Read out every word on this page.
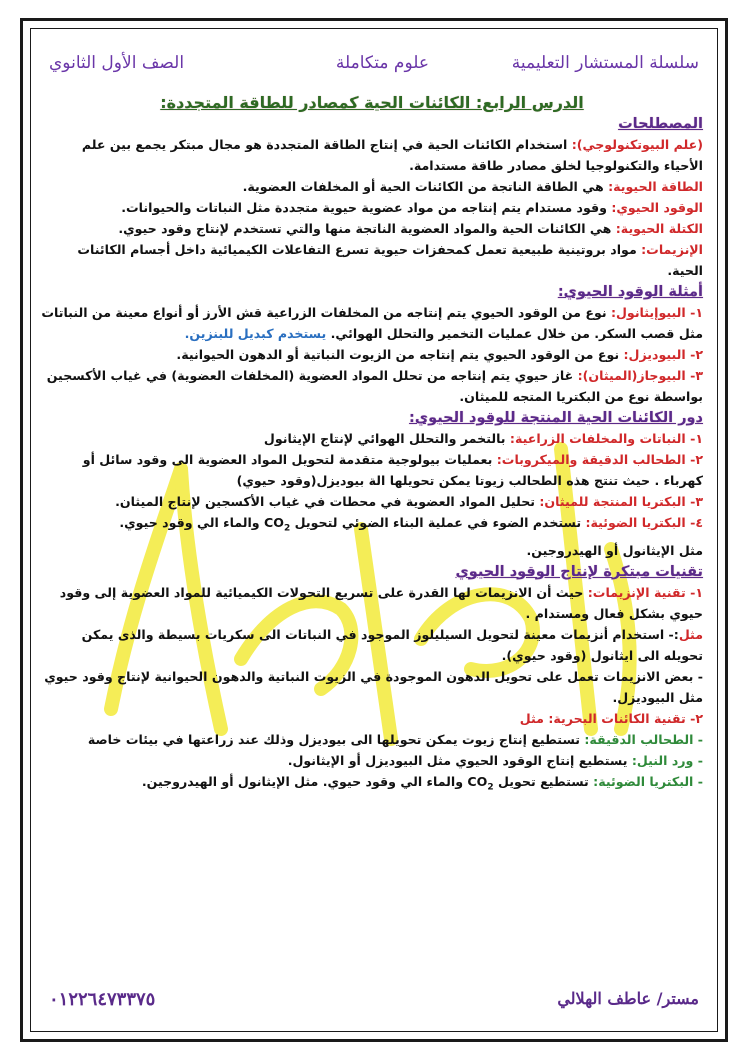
سلسلة المستشار التعليمية
علوم متكاملة
الصف الأول الثانوي
الدرس الرابع: الكائنات الحية كمصادر للطاقة المتجددة:
المصطلحات

(علم البيوتكنولوجي): استخدام الكائنات الحية في إنتاج الطاقة المتجددة هو مجال مبتكر يجمع بين علم الأحياء والتكنولوجيا لخلق مصادر طاقة مستدامة.

الطاقة الحيوية: هي الطاقة الناتجة من الكائنات الحية أو المخلفات العضوية.

الوقود الحيوي: وقود مستدام يتم إنتاجه من مواد عضوية حيوية متجددة مثل النباتات والحيوانات.

الكتلة الحيوية: هي الكائنات الحية والمواد العضوية الناتجة منها والتي تستخدم لإنتاج وقود حيوي.

الإنزيمات: مواد بروتينية طبيعية تعمل كمحفزات حيوية تسرع التفاعلات الكيميائية داخل أجسام الكائنات الحية.

أمثلة الوقود الحيوي:

١- البيوإيثانول: نوع من الوقود الحيوي يتم إنتاجه من المخلفات الزراعية قش الأرز أو أنواع معينة من النباتات مثل قصب السكر. من خلال عمليات التخمير والتحلل الهوائي. يستخدم كبديل للبنزين.

٢- البيوديزل: نوع من الوقود الحيوي يتم إنتاجه من الزيوت النباتية أو الدهون الحيوانية.

٣- البيوجاز(الميثان): غاز حيوي يتم إنتاجه من تحلل المواد العضوية (المخلفات العضوية) في غياب الأكسجين بواسطة نوع من البكتريا المتجه للميثان.

دور الكائنات الحية المنتجة للوقود الحيوي:

١- النباتات والمخلفات الزراعية: بالتخمر والتحلل الهوائي لإنتاج الإيثانول

٢- الطحالب الدقيقة والميكروبات: بعمليات بيولوجية متقدمة لتحويل المواد العضوية الى وقود سائل أو كهرباء . حيث تنتج هذه الطحالب زيوتا يمكن تحويلها الة بيوديزل(وقود حيوي)

٣- البكتريا المنتجة للميثان: تحليل المواد العضوية في محطات في غياب الأكسجين لإنتاج الميثان.

٤- البكتريا الضوئية: تستخدم الضوء في عملية البناء الضوئي لتحويل $CO_2$ والماء الي وقود حيوي.

مثل الإيثانول أو الهيدروجين.

تقنيات مبتكرة لإنتاج الوقود الحيوي

١- تقنية الإنزيمات: حيث أن الانزيمات لها القدرة على تسريع التحولات الكيميائية للمواد العضوية إلى وقود حيوي بشكل فعال ومستدام .

مثل:- استخدام أنزيمات معينة لتحويل السيليلوز الموجود في النباتات الى سكريات بسيطة والذى يمكن تحويله الى ايثانول (وقود حيوي).

- بعض الانزيمات تعمل على تحويل الدهون الموجودة في الزيوت النباتية والدهون الحيوانية لإنتاج وقود حيوي مثل البيوديزل.

٢- تقنية الكائنات البحرية: مثل

- الطحالب الدقيقة: تستطيع إنتاج زيوت يمكن تحويلها الى بيوديزل وذلك عند زراعتها في بيئات خاصة

- ورد النيل: يستطيع إنتاج الوقود الحيوي مثل البيوديزل أو الإيثانول.

- البكتريا الضوئية: تستطيع تحويل $CO_2$ والماء الي وقود حيوي. مثل الإيثانول أو الهيدروجين.

مستر/ عاطف الهلالي
٠١٢٢٦٤٧٣٣٧٥
